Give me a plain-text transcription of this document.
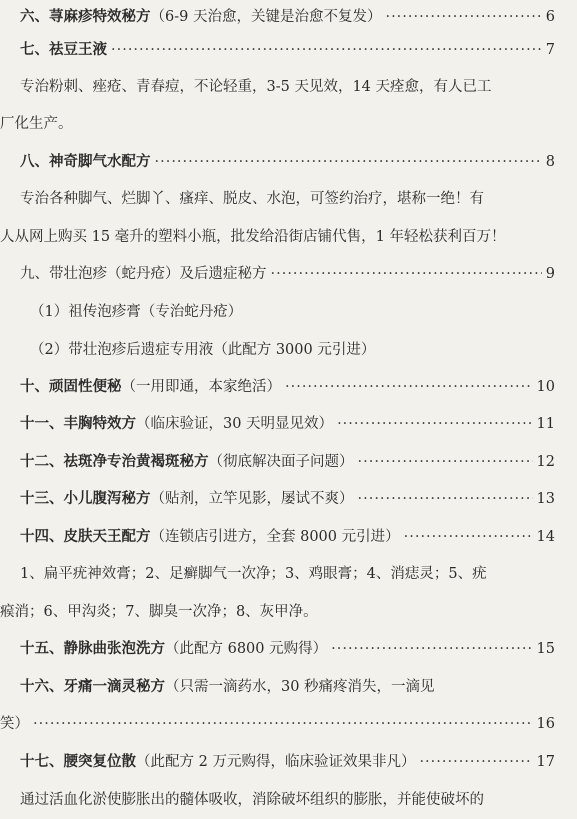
六、荨麻疹特效秘方 （6-9 天治愈，关键是治愈不复发） ·····	6
七、祛豆王液 ·····	7
专治粉刺、痤疮、青春痘，不论轻重，3-5 天见效，14 天痊愈，有人已工
厂化生产。
八、神奇脚气水配方 ·····	8
专治各种脚气、烂脚丫、瘙痒、脱皮、水泡，可签约治疗，堪称一绝！有
人从网上购买 15 毫升的塑料小瓶，批发给沿街店铺代售，1 年轻松获利百万！
九、带壮泡疹（蛇丹疮）及后遗症秘方 ·····	9
（1）祖传泡疹膏（专治蛇丹疮）
（2）带壮泡疹后遗症专用液（此配方 3000 元引进）
十、顽固性便秘 （一用即通，本家绝活） ·····	10
十一、丰胸特效方 （临床验证，30 天明显见效） ·····	11
十二、祛斑净专治黄褐斑秘方 （彻底解决面子问题） ·····	12
十三、小儿腹泻秘方 （贴剂，立竿见影，屡试不爽） ·····	13
十四、皮肤天王配方 （连锁店引进方，全套 8000 元引进） ·····	14
1、扁平疣神效膏；2、足癣脚气一次净；3、鸡眼膏；4、消痣灵；5、疣
瘊消；6、甲沟炎；7、脚臭一次净；8、灰甲净。
十五、静脉曲张泡洗方 （此配方 6800 元购得） ·····	15
十六、牙痛一滴灵秘方 （只需一滴药水，30 秒痛疼消失，一滴见
笑） ·····	16
十七、腰突复位散 （此配方 2 万元购得，临床验证效果非凡） ·····	17
通过活血化淤使膨胀出的髓体吸收，消除破坏组织的膨胀，并能使破坏的
